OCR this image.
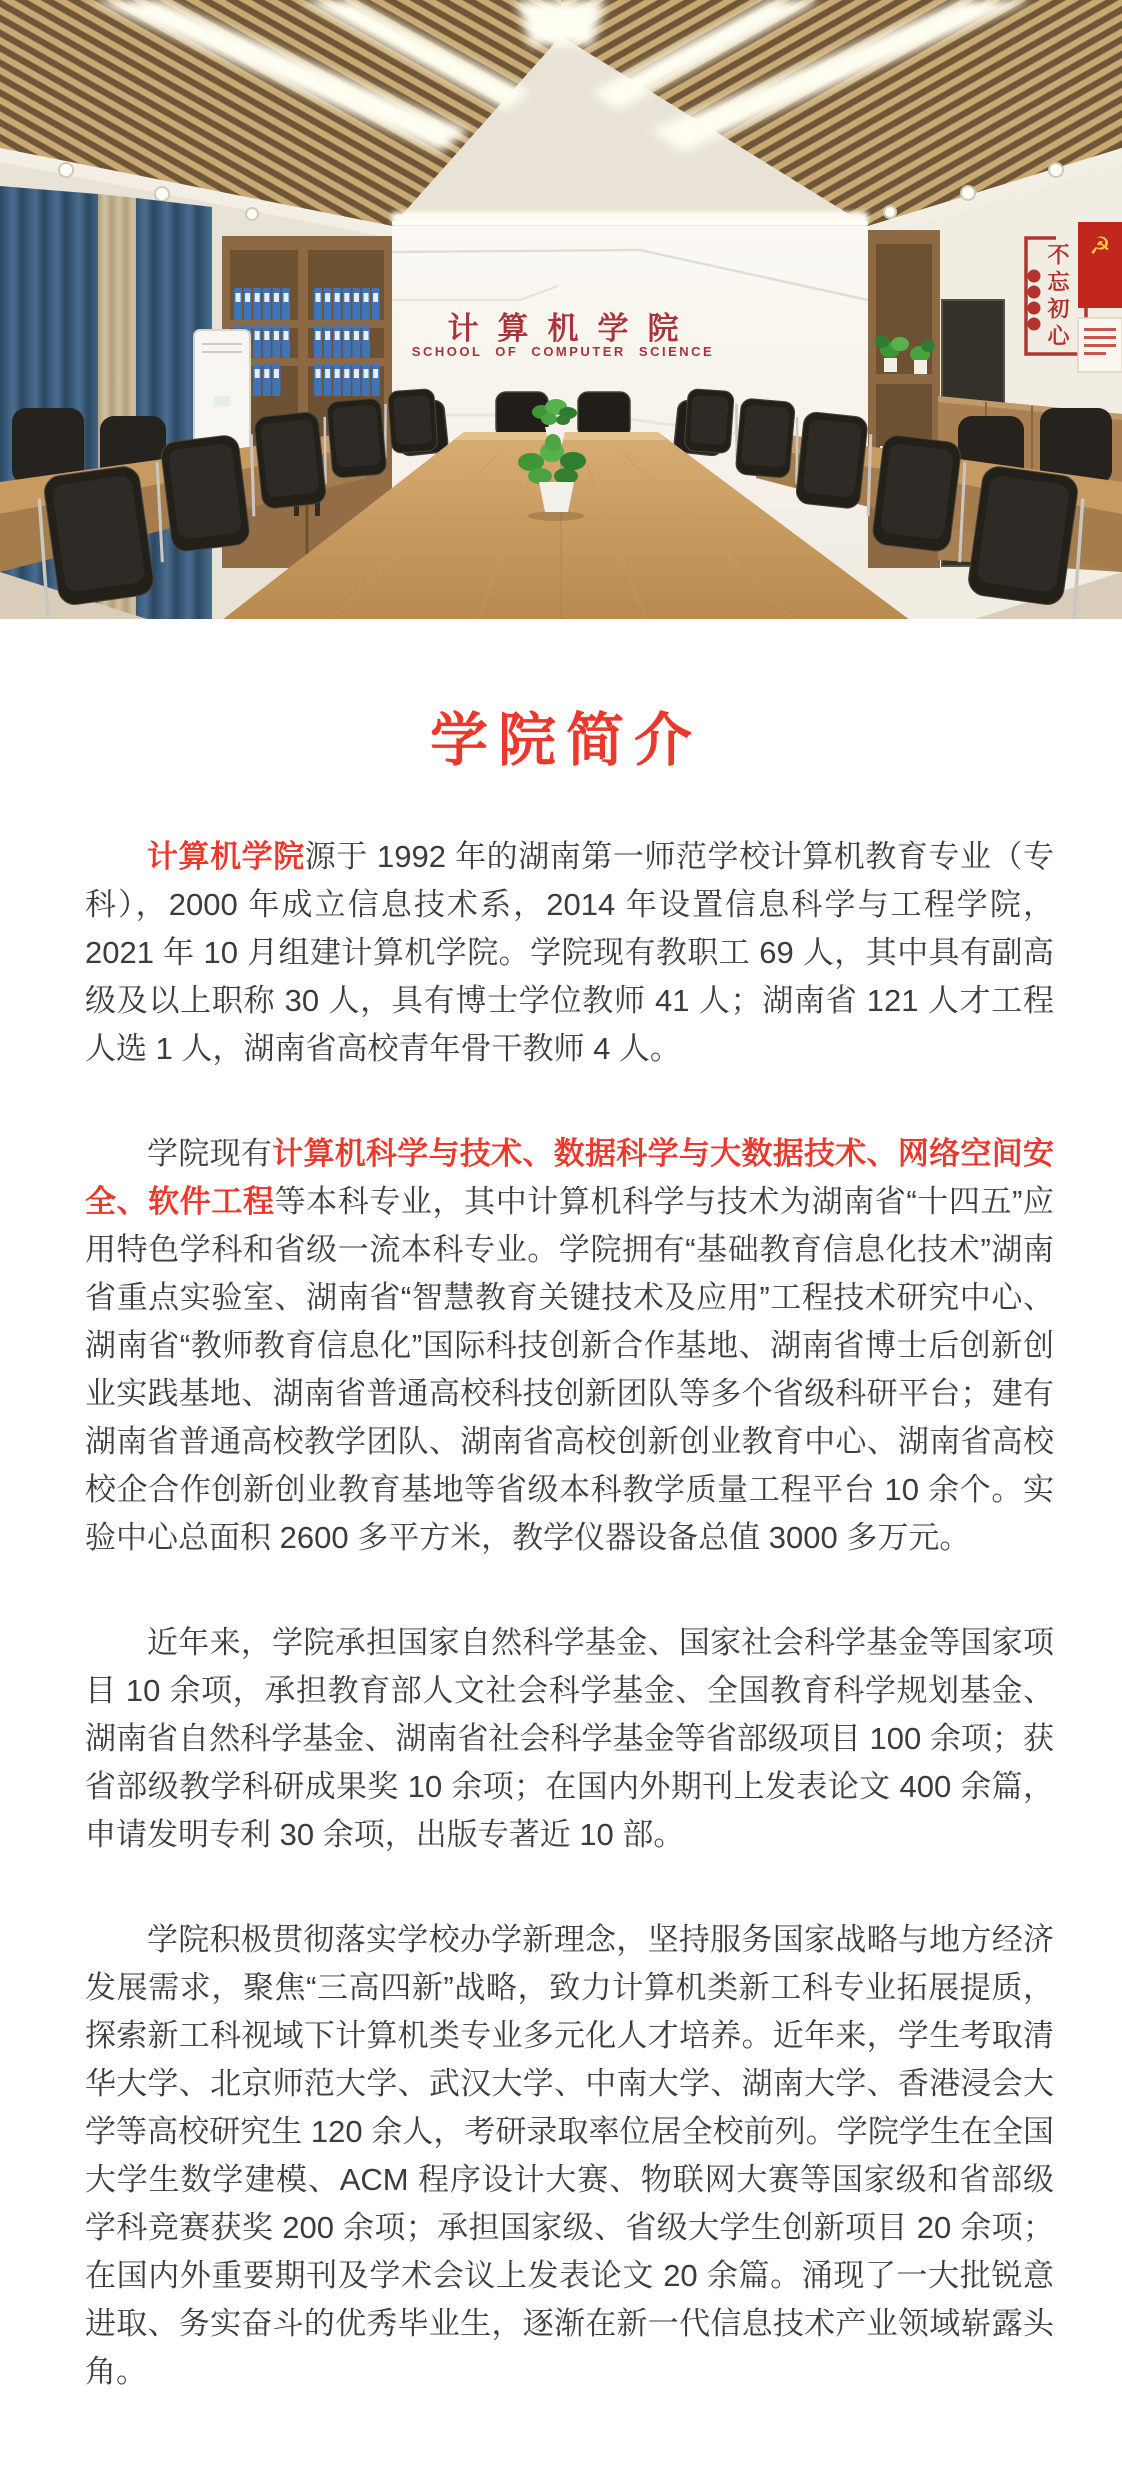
☭
计算机学院
SCHOOL OF COMPUTER SCIENCE
不忘初心
学院简介

计算机学院源于 1992 年的湖南第一师范学校计算机教育专业（专科），2000 年成立信息技术系，2014 年设置信息科学与工程学院，2021 年 10 月组建计算机学院。学院现有教职工 69 人，其中具有副高级及以上职称 30 人，具有博士学位教师 41 人；湖南省 121 人才工程人选 1 人，湖南省高校青年骨干教师 4 人。

学院现有计算机科学与技术、数据科学与大数据技术、网络空间安全、软件工程等本科专业，其中计算机科学与技术为湖南省“十四五”应用特色学科和省级一流本科专业。学院拥有“基础教育信息化技术”湖南省重点实验室、湖南省“智慧教育关键技术及应用”工程技术研究中心、湖南省“教师教育信息化”国际科技创新合作基地、湖南省博士后创新创业实践基地、湖南省普通高校科技创新团队等多个省级科研平台；建有湖南省普通高校教学团队、湖南省高校创新创业教育中心、湖南省高校校企合作创新创业教育基地等省级本科教学质量工程平台 10 余个。实验中心总面积 2600 多平方米，教学仪器设备总值 3000 多万元。

近年来，学院承担国家自然科学基金、国家社会科学基金等国家项目 10 余项，承担教育部人文社会科学基金、全国教育科学规划基金、湖南省自然科学基金、湖南省社会科学基金等省部级项目 100 余项；获省部级教学科研成果奖 10 余项；在国内外期刊上发表论文 400 余篇，申请发明专利 30 余项，出版专著近 10 部。

学院积极贯彻落实学校办学新理念，坚持服务国家战略与地方经济发展需求，聚焦“三高四新”战略，致力计算机类新工科专业拓展提质，探索新工科视域下计算机类专业多元化人才培养。近年来，学生考取清华大学、北京师范大学、武汉大学、中南大学、湖南大学、香港浸会大学等高校研究生 120 余人，考研录取率位居全校前列。学院学生在全国大学生数学建模、ACM 程序设计大赛、物联网大赛等国家级和省部级学科竞赛获奖 200 余项；承担国家级、省级大学生创新项目 20 余项；在国内外重要期刊及学术会议上发表论文 20 余篇。涌现了一大批锐意进取、务实奋斗的优秀毕业生，逐渐在新一代信息技术产业领域崭露头角。
